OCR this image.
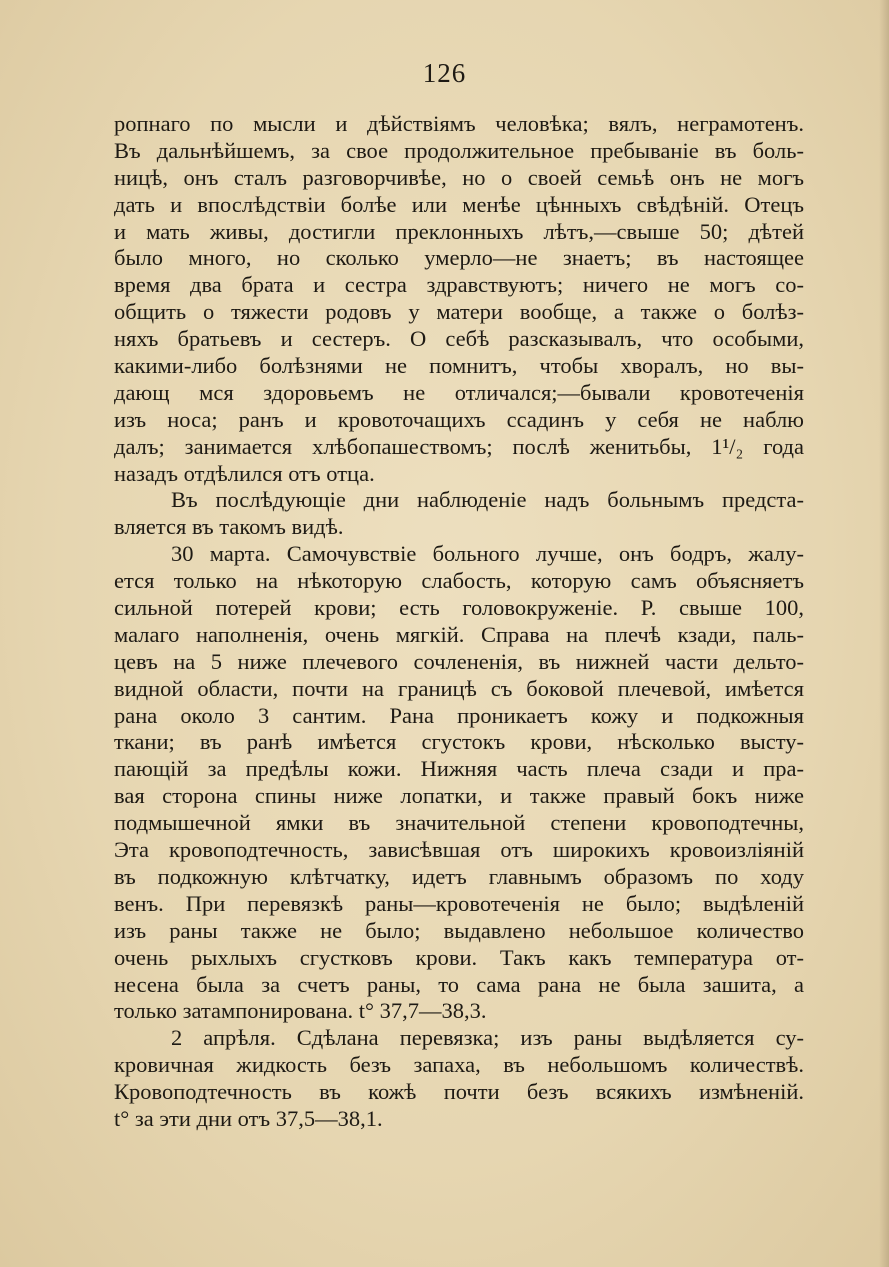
126
ропнаго по мысли и дѣйствiямъ человѣка; вялъ, неграмотенъ.
Въ дальнѣйшемъ, за свое продолжительное пребыванiе въ боль-
ницѣ, онъ сталъ разговорчивѣе, но о своей семьѣ онъ не могъ
дать и впослѣдствiи болѣе или менѣе цѣнныхъ свѣдѣнiй. Отецъ
и мать живы, достигли преклонныхъ лѣтъ,—свыше 50; дѣтей
было много, но сколько умерло—не знаетъ; въ настоящее
время два брата и сестра здравствуютъ; ничего не могъ со-
общить о тяжести родовъ у матери вообще, а также о болѣз-
няхъ братьевъ и сестеръ. О себѣ разсказывалъ, что особыми,
какими-либо болѣзнями не помнитъ, чтобы хворалъ, но вы-
дающ мся здоровьемъ не отличался;—бывали кровотеченiя
изъ носа; ранъ и кровоточащихъ ссадинъ у себя не наблю
далъ; занимается хлѣбопашествомъ; послѣ женитьбы, 1¹/₂ года
назадъ отдѣлился отъ отца.
Въ послѣдующiе дни наблюденiе надъ больнымъ предста-
вляется въ такомъ видѣ.
30 марта. Самочувствiе больного лучше, онъ бодръ, жалу-
ется только на нѣкоторую слабость, которую самъ объясняетъ
сильной потерей крови; есть головокруженiе. P. свыше 100,
малаго наполненiя, очень мягкiй. Справа на плечѣ кзади, паль-
цевъ на 5 ниже плечевого сочлененiя, въ нижней части дельто-
видной области, почти на границѣ съ боковой плечевой, имѣется
рана около 3 сантим. Рана проникаетъ кожу и подкожныя
ткани; въ ранѣ имѣется сгустокъ крови, нѣсколько высту-
пающiй за предѣлы кожи. Нижняя часть плеча сзади и пра-
вая сторона спины ниже лопатки, и также правый бокъ ниже
подмышечной ямки въ значительной степени кровоподтечны,
Эта кровоподтечность, зависѣвшая отъ широкихъ кровоизлiянiй
въ подкожную клѣтчатку, идетъ главнымъ образомъ по ходу
венъ. При перевязкѣ раны—кровотеченiя не было; выдѣленiй
изъ раны также не было; выдавлено небольшое количество
очень рыхлыхъ сгустковъ крови. Такъ какъ температура от-
несена была за счетъ раны, то сама рана не была зашита, а
только затампонирована. t° 37,7—38,3.
2 апрѣля. Сдѣлана перевязка; изъ раны выдѣляется су-
кровичная жидкость безъ запаха, въ небольшомъ количествѣ.
Кровоподтечность въ кожѣ почти безъ всякихъ измѣненiй.
t° за эти дни отъ 37,5—38,1.
